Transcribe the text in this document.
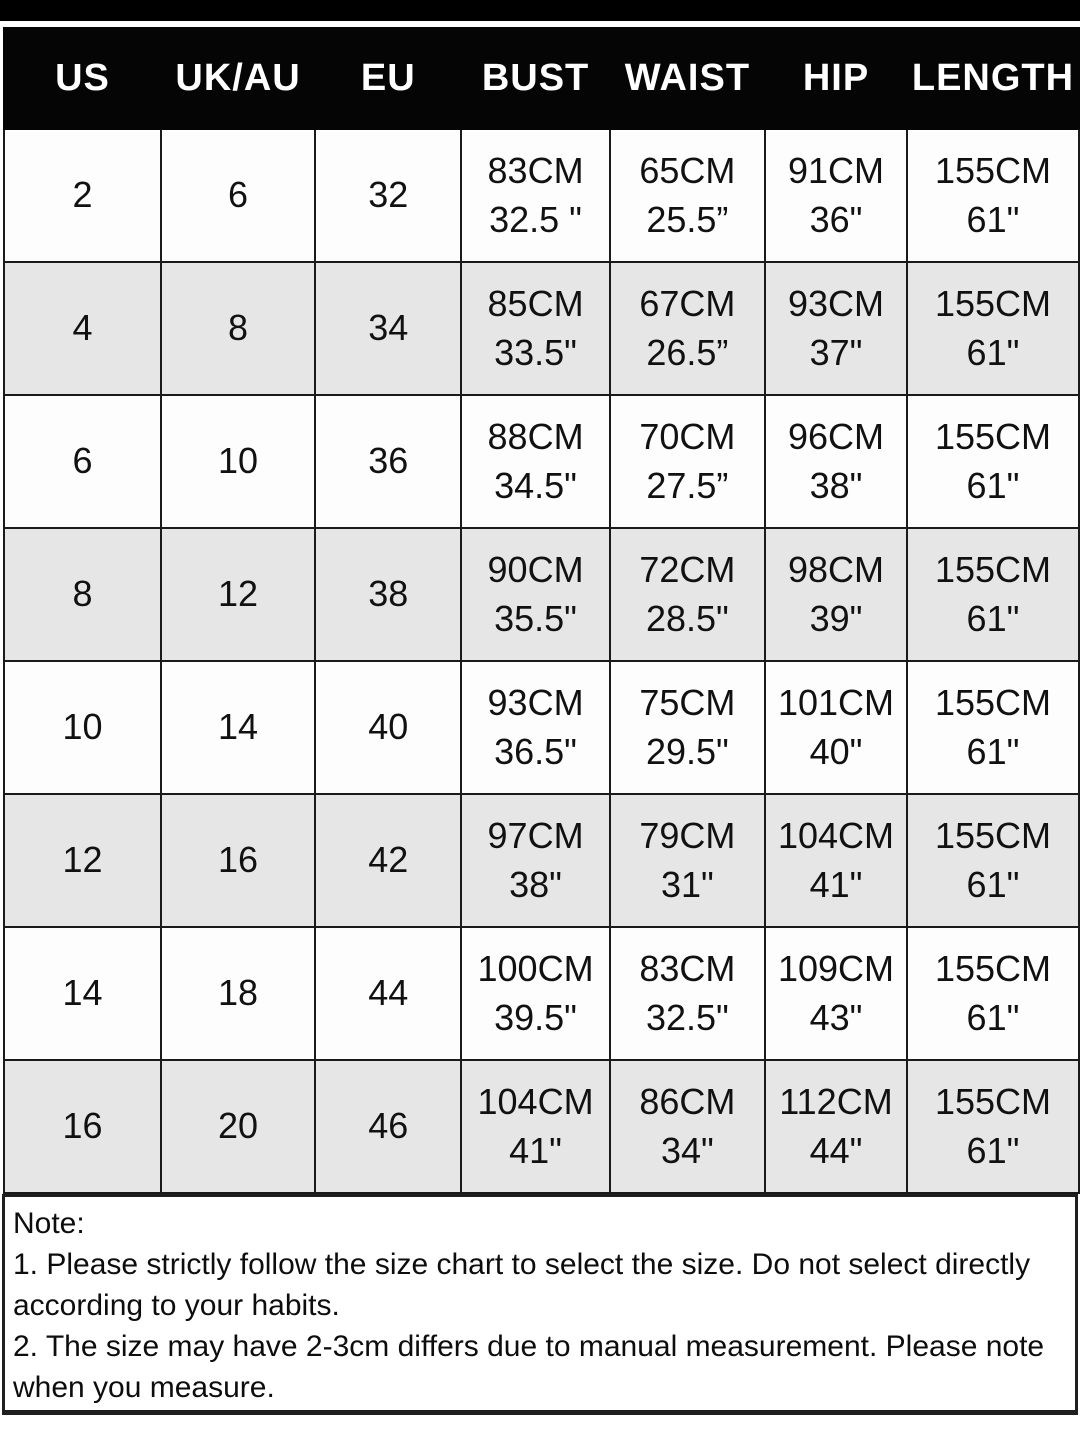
US	UK/AU	EU	BUST	WAIST	HIP	LENGTH
2	6	32	
83CM
32.5 "

65CM
25.5”

91CM
36"

155CM
61"

4	8	34	
85CM
33.5"

67CM
26.5”

93CM
37"

155CM
61"

6	10	36	
88CM
34.5"

70CM
27.5”

96CM
38"

155CM
61"

8	12	38	
90CM
35.5"

72CM
28.5"

98CM
39"

155CM
61"

10	14	40	
93CM
36.5"

75CM
29.5"

101CM
40"

155CM
61"

12	16	42	
97CM
38"

79CM
31"

104CM
41"

155CM
61"

14	18	44	
100CM
39.5"

83CM
32.5"

109CM
43"

155CM
61"

16	20	46	
104CM
41"

86CM
34"

112CM
44"

155CM
61"
Note:
1. Please strictly follow the size chart to select the size. Do not select directly according to your habits.
2. The size may have 2-3cm differs due to manual measurement. Please note when you measure.
